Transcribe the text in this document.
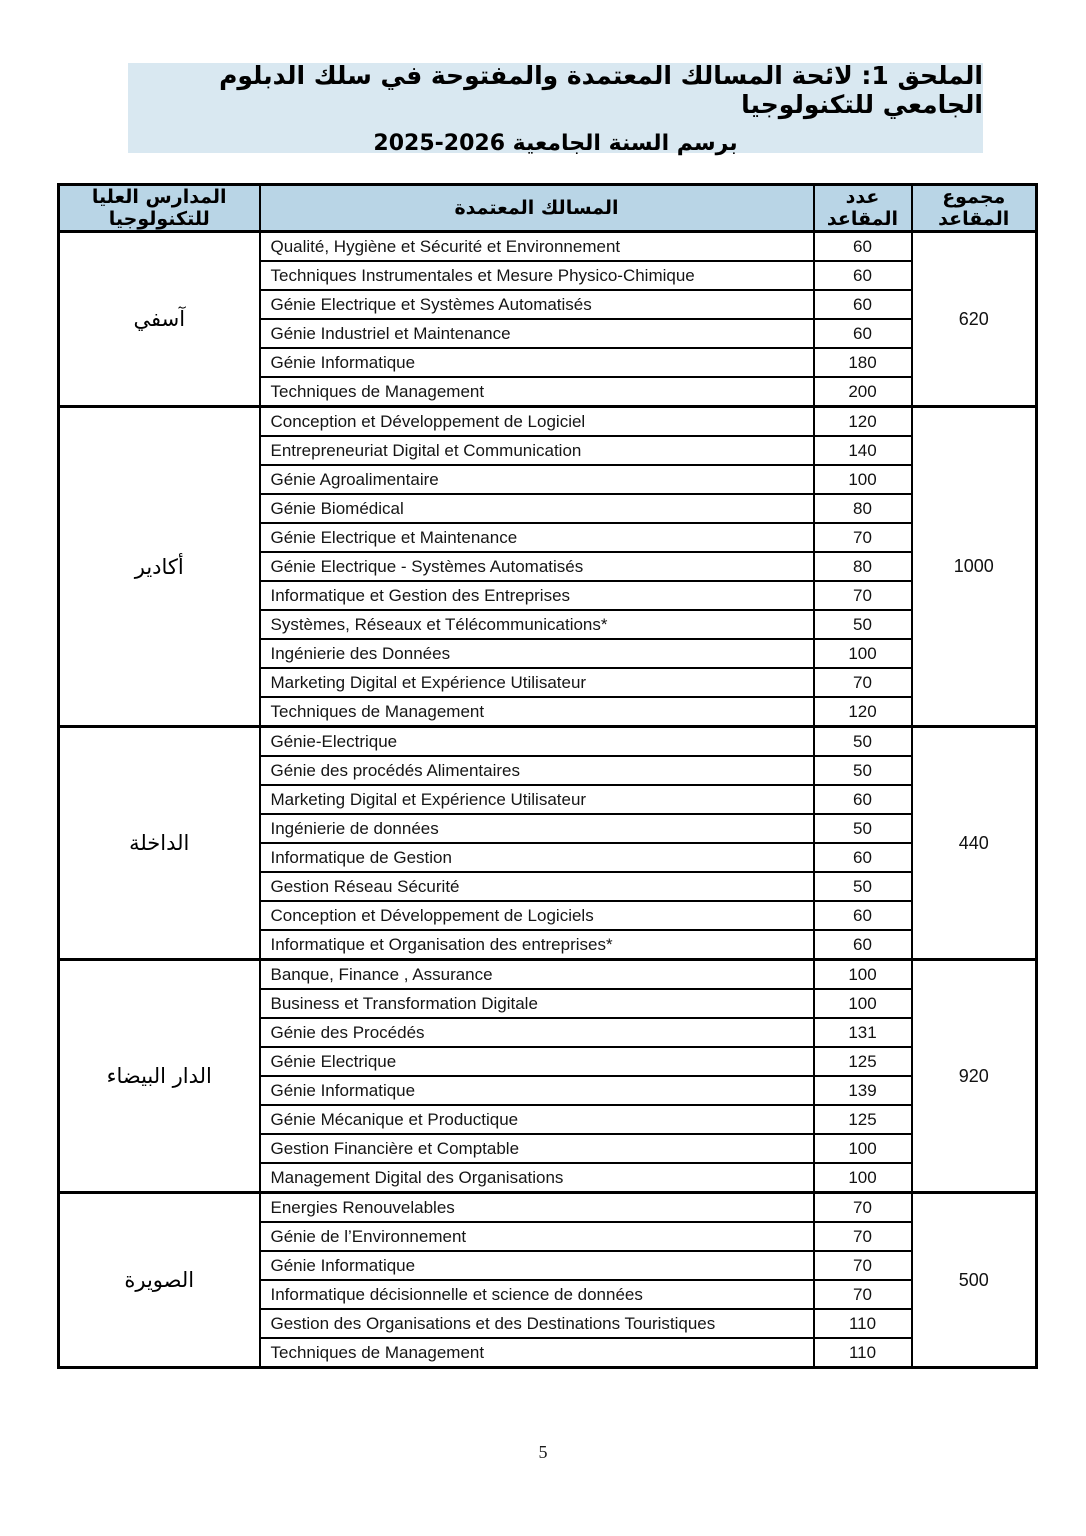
الملحق 1: لائحة المسالك المعتمدة والمفتوحة في سلك الدبلوم الجامعي للتكنولوجيا
برسم السنة الجامعية 2026-2025
المدارس العليا للتكنولوجيا	المسالك المعتمدة	عدد المقاعد	مجموع المقاعد
آسفي	Qualité, Hygiène et Sécurité et Environnement	60	620
	Techniques Instrumentales et Mesure Physico-Chimique	60	
	Génie Electrique et Systèmes Automatisés	60	
	Génie Industriel et Maintenance	60	
	Génie Informatique	180	
	Techniques de Management	200	
أكادير	Conception et Développement de Logiciel	120	1000
	Entrepreneuriat Digital et Communication	140	
	Génie Agroalimentaire	100	
	Génie Biomédical	80	
	Génie Electrique et Maintenance	70	
	Génie Electrique - Systèmes Automatisés	80	
	Informatique et Gestion des Entreprises	70	
	Systèmes, Réseaux et Télécommunications*	50	
	Ingénierie des Données	100	
	Marketing Digital et Expérience Utilisateur	70	
	Techniques de Management	120	
الداخلة	Génie-Electrique	50	440
	Génie des procédés Alimentaires	50	
	Marketing Digital et Expérience Utilisateur	60	
	Ingénierie de données	50	
	Informatique de Gestion	60	
	Gestion Réseau Sécurité	50	
	Conception et Développement de Logiciels	60	
	Informatique et Organisation des entreprises*	60	
الدار البيضاء	Banque, Finance , Assurance	100	920
	Business et Transformation Digitale	100	
	Génie des Procédés	131	
	Génie Electrique	125	
	Génie Informatique	139	
	Génie Mécanique et Productique	125	
	Gestion Financière et Comptable	100	
	Management Digital des Organisations	100	
الصويرة	Energies Renouvelables	70	500
	Génie de l’Environnement	70	
	Génie Informatique	70	
	Informatique décisionnelle et science de données	70	
	Gestion des Organisations et des Destinations Touristiques	110	
	Techniques de Management	110	
5
